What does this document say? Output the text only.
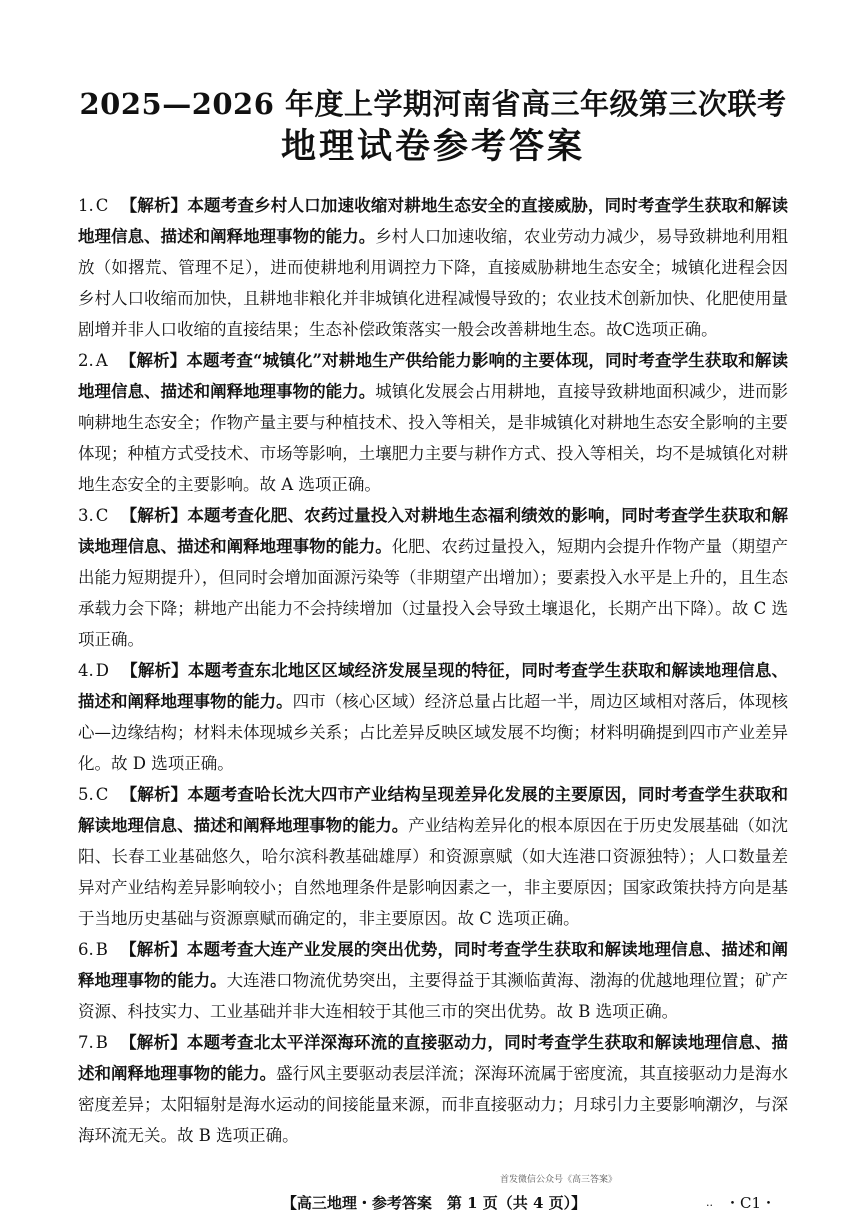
2025—2026 年度上学期河南省高三年级第三次联考
地理试卷参考答案

1. C 【解析】本题考查乡村人口加速收缩对耕地生态安全的直接威胁，同时考查学生获取和解读地理信息、描述和阐释地理事物的能力。乡村人口加速收缩，农业劳动力减少，易导致耕地利用粗放（如撂荒、管理不足），进而使耕地利用调控力下降，直接威胁耕地生态安全；城镇化进程会因乡村人口收缩而加快，且耕地非粮化并非城镇化进程减慢导致的；农业技术创新加快、化肥使用量剧增并非人口收缩的直接结果；生态补偿政策落实一般会改善耕地生态。故C选项正确。

2. A 【解析】本题考查“城镇化”对耕地生产供给能力影响的主要体现，同时考查学生获取和解读地理信息、描述和阐释地理事物的能力。城镇化发展会占用耕地，直接导致耕地面积减少，进而影响耕地生态安全；作物产量主要与种植技术、投入等相关，是非城镇化对耕地生态安全影响的主要体现；种植方式受技术、市场等影响，土壤肥力主要与耕作方式、投入等相关，均不是城镇化对耕地生态安全的主要影响。故 A 选项正确。

3. C 【解析】本题考查化肥、农药过量投入对耕地生态福利绩效的影响，同时考查学生获取和解读地理信息、描述和阐释地理事物的能力。化肥、农药过量投入，短期内会提升作物产量（期望产出能力短期提升），但同时会增加面源污染等（非期望产出增加）；要素投入水平是上升的，且生态承载力会下降；耕地产出能力不会持续增加（过量投入会导致土壤退化，长期产出下降）。故 C 选项正确。

4. D 【解析】本题考查东北地区区域经济发展呈现的特征，同时考查学生获取和解读地理信息、描述和阐释地理事物的能力。四市（核心区域）经济总量占比超一半，周边区域相对落后，体现核心—边缘结构；材料未体现城乡关系；占比差异反映区域发展不均衡；材料明确提到四市产业差异化。故 D 选项正确。

5. C 【解析】本题考查哈长沈大四市产业结构呈现差异化发展的主要原因，同时考查学生获取和解读地理信息、描述和阐释地理事物的能力。产业结构差异化的根本原因在于历史发展基础（如沈阳、长春工业基础悠久，哈尔滨科教基础雄厚）和资源禀赋（如大连港口资源独特）；人口数量差异对产业结构差异影响较小；自然地理条件是影响因素之一，非主要原因；国家政策扶持方向是基于当地历史基础与资源禀赋而确定的，非主要原因。故 C 选项正确。

6. B 【解析】本题考查大连产业发展的突出优势，同时考查学生获取和解读地理信息、描述和阐释地理事物的能力。大连港口物流优势突出，主要得益于其濒临黄海、渤海的优越地理位置；矿产资源、科技实力、工业基础并非大连相较于其他三市的突出优势。故 B 选项正确。

7. B 【解析】本题考查北太平洋深海环流的直接驱动力，同时考查学生获取和解读地理信息、描述和阐释地理事物的能力。盛行风主要驱动表层洋流；深海环流属于密度流，其直接驱动力是海水密度差异；太阳辐射是海水运动的间接能量来源，而非直接驱动力；月球引力主要影响潮汐，与深海环流无关。故 B 选项正确。

首发微信公众号《高三答案》
【高三地理・参考答案　第 1 页（共 4 页）】	.. ・C1・
